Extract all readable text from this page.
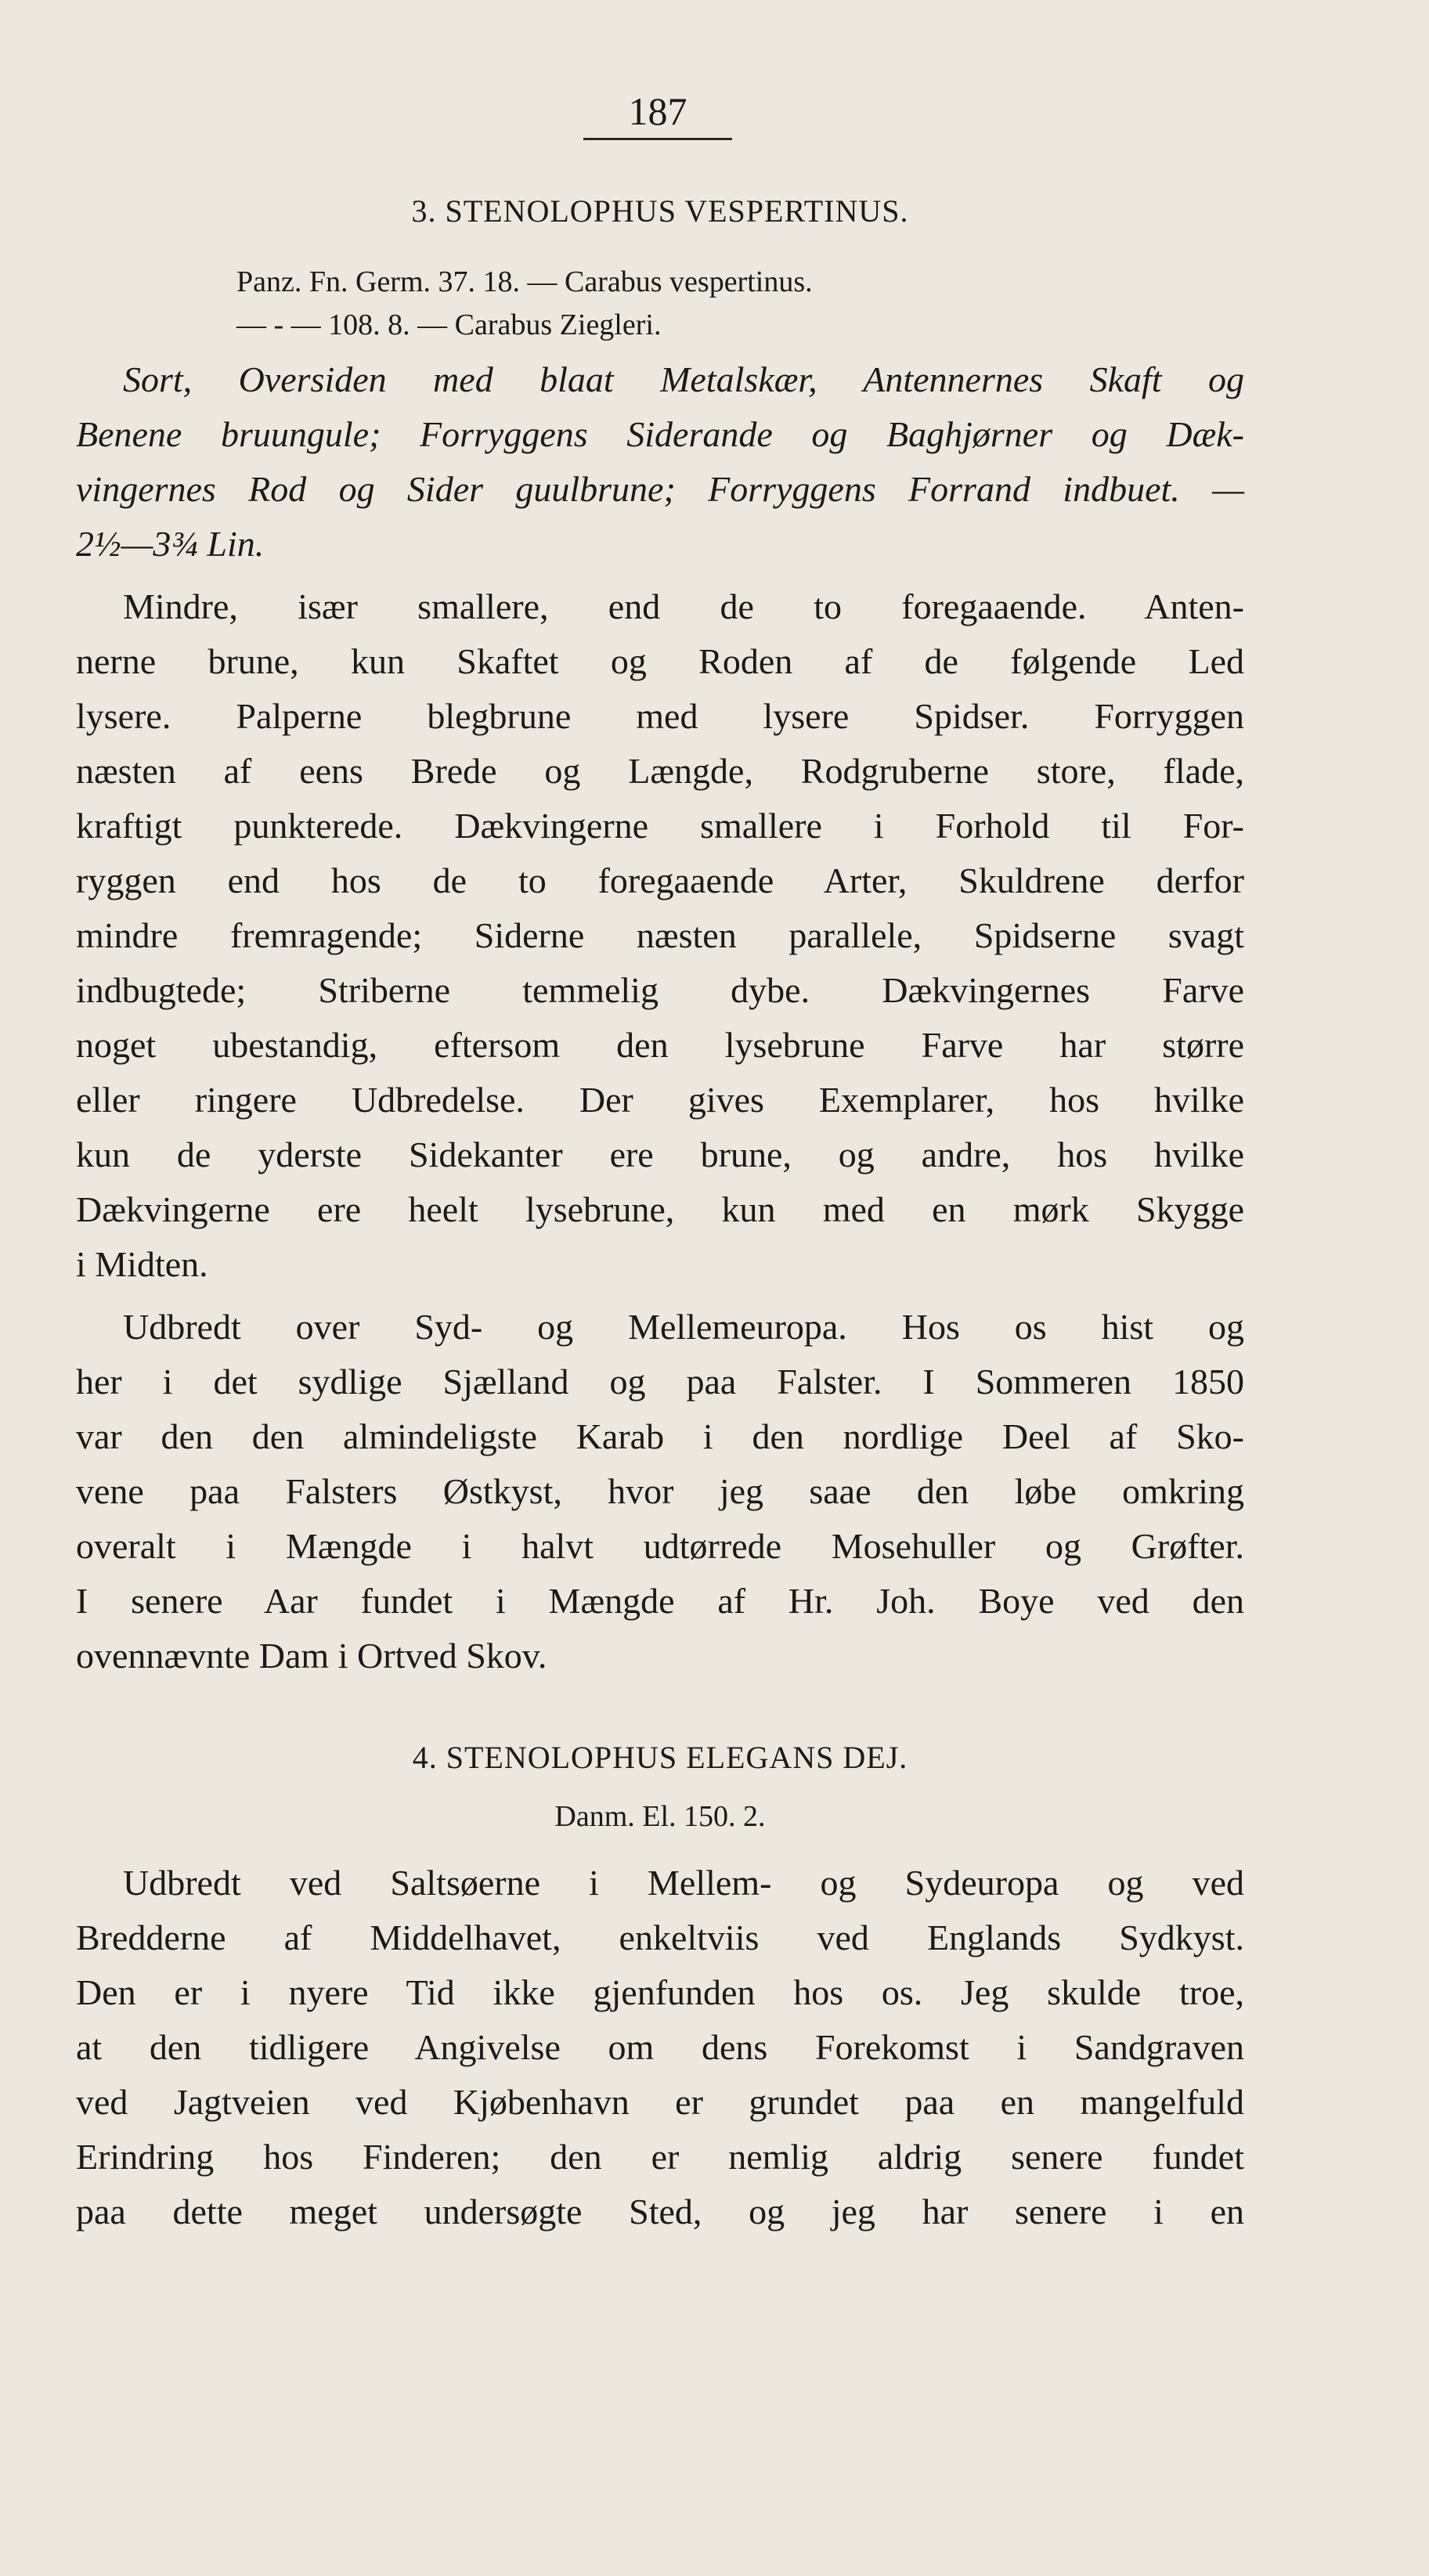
187
3. STENOLOPHUS VESPERTINUS.
Panz. Fn. Germ. 37. 18. — Carabus vespertinus.
— - — 108. 8. — Carabus Ziegleri.
Sort, Oversiden med blaat Metalskær, Antennernes Skaft og
Benene bruungule; Forryggens Siderande og Baghjørner og Dæk-
vingernes Rod og Sider guulbrune; Forryggens Forrand indbuet. —
2½—3¾ Lin.
Mindre, især smallere, end de to foregaaende. Anten-
nerne brune, kun Skaftet og Roden af de følgende Led
lysere. Palperne blegbrune med lysere Spidser. Forryggen
næsten af eens Brede og Længde, Rodgruberne store, flade,
kraftigt punkterede. Dækvingerne smallere i Forhold til For-
ryggen end hos de to foregaaende Arter, Skuldrene derfor
mindre fremragende; Siderne næsten parallele, Spidserne svagt
indbugtede; Striberne temmelig dybe. Dækvingernes Farve
noget ubestandig, eftersom den lysebrune Farve har større
eller ringere Udbredelse. Der gives Exemplarer, hos hvilke
kun de yderste Sidekanter ere brune, og andre, hos hvilke
Dækvingerne ere heelt lysebrune, kun med en mørk Skygge
i Midten.
Udbredt over Syd- og Mellemeuropa. Hos os hist og
her i det sydlige Sjælland og paa Falster. I Sommeren 1850
var den den almindeligste Karab i den nordlige Deel af Sko-
vene paa Falsters Østkyst, hvor jeg saae den løbe omkring
overalt i Mængde i halvt udtørrede Mosehuller og Grøfter.
I senere Aar fundet i Mængde af Hr. Joh. Boye ved den
ovennævnte Dam i Ortved Skov.
4. STENOLOPHUS ELEGANS DEJ.
Danm. El. 150. 2.
Udbredt ved Saltsøerne i Mellem- og Sydeuropa og ved
Bredderne af Middelhavet, enkeltviis ved Englands Sydkyst.
Den er i nyere Tid ikke gjenfunden hos os. Jeg skulde troe,
at den tidligere Angivelse om dens Forekomst i Sandgraven
ved Jagtveien ved Kjøbenhavn er grundet paa en mangelfuld
Erindring hos Finderen; den er nemlig aldrig senere fundet
paa dette meget undersøgte Sted, og jeg har senere i en
